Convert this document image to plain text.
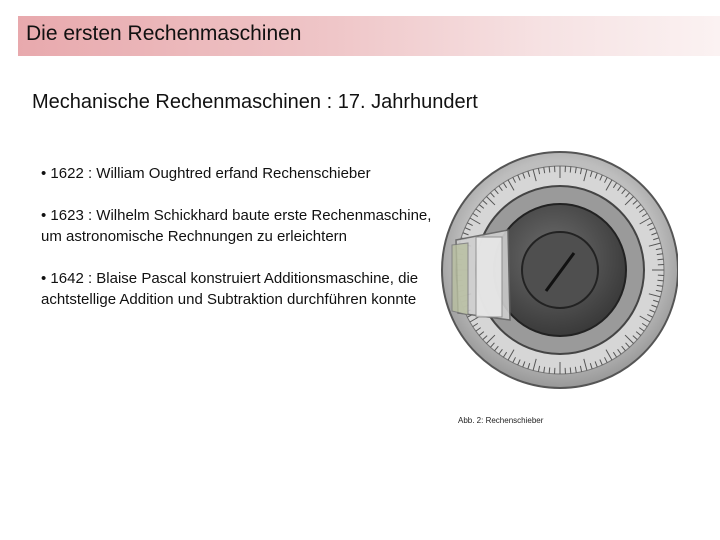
Die ersten Rechenmaschinen
Mechanische Rechenmaschinen : 17. Jahrhundert
• 1622 : William Oughtred erfand Rechenschieber
• 1623 : Wilhelm Schickhard baute erste Rechenmaschine, um astronomische Rechnungen zu erleichtern
• 1642 : Blaise Pascal konstruiert Additionsmaschine, die achtstellige Addition und Subtraktion durchführen konnte
Abb. 2: Rechenschieber
